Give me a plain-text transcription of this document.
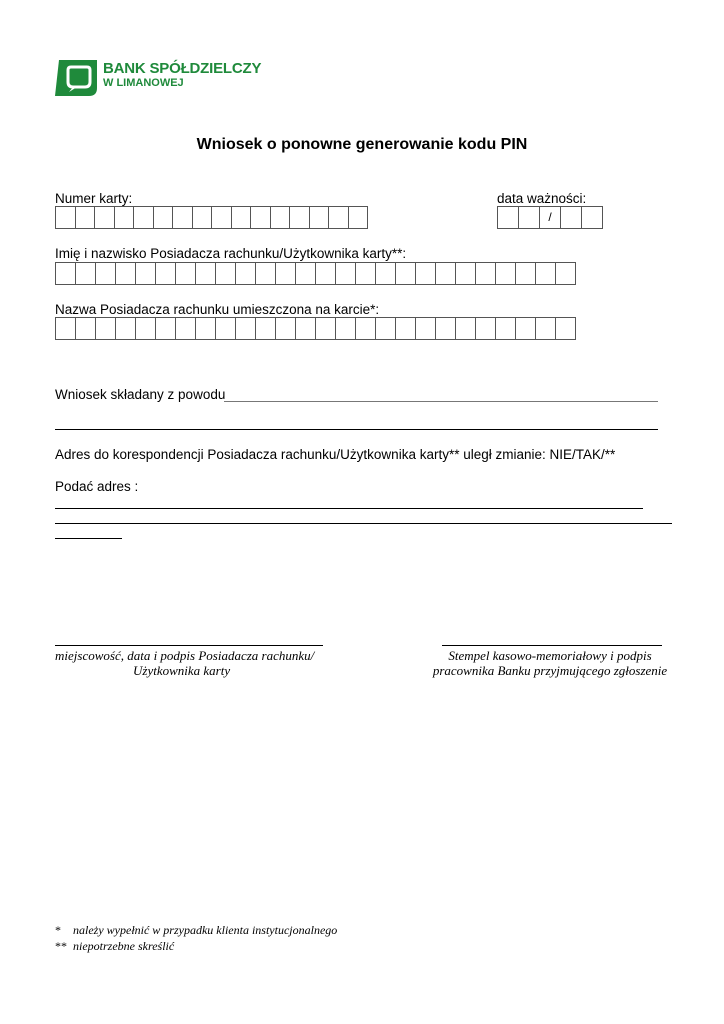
BANK SPÓŁDZIELCZY
W LIMANOWEJ
Wniosek o ponowne generowanie kodu PIN
Numer karty:	data ważności:
/
Imię i nazwisko Posiadacza rachunku/Użytkownika karty**:
Nazwa Posiadacza rachunku umieszczona na karcie*:
Wniosek składany z powodu
Adres do korespondencji Posiadacza rachunku/Użytkownika karty** uległ zmianie: NIE/TAK/**
Podać adres :
miejscowość, data i podpis Posiadacza rachunku/
Użytkownika karty
Stempel kasowo-memoriałowy i podpis
pracownika Banku przyjmującego zgłoszenie
* należy wypełnić w przypadku klienta instytucjonalnego
** niepotrzebne skreślić
